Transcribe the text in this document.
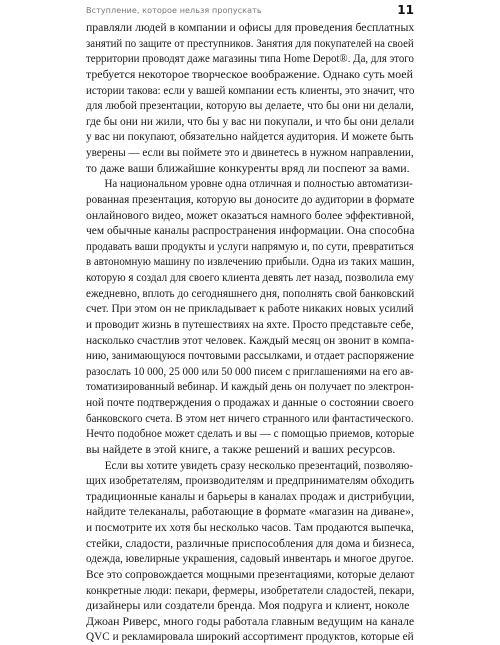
Вступление, которое нельзя пропускать	11
правляли людей в компании и офисы для проведения бесплатных
занятий по защите от преступников. Занятия для покупателей на своей
территории проводят даже магазины типа Home Depot®. Да, для этого
требуется некоторое творческое воображение. Однако суть моей
истории такова: если у вашей компании есть клиенты, это значит, что
для любой презентации, которую вы делаете, что бы они ни делали,
где бы они ни жили, что бы у вас ни покупали, и что бы они делали
у вас ни покупают, обязательно найдется аудитория. И можете быть
уверены — если вы поймете это и двинетесь в нужном направлении,
то даже ваши ближайшие конкуренты вряд ли поспеют за вами.
На национальном уровне одна отличная и полностью автоматизи-
рованная презентация, которую вы доносите до аудитории в формате
онлайнового видео, может оказаться намного более эффективной,
чем обычные каналы распространения информации. Она способна
продавать ваши продукты и услуги напрямую и, по сути, превратиться
в автономную машину по извлечению прибыли. Одна из таких машин,
которую я создал для своего клиента девять лет назад, позволила ему
ежедневно, вплоть до сегодняшнего дня, пополнять свой банковский
счет. При этом он не прикладывает к работе никаких новых усилий
и проводит жизнь в путешествиях на яхте. Просто представьте себе,
насколько счастлив этот человек. Каждый месяц он звонит в компа-
нию, занимающуюся почтовыми рассылками, и отдает распоряжение
разослать 10 000, 25 000 или 50 000 писем с приглашениями на его ав-
томатизированный вебинар. И каждый день он получает по электрон-
ной почте подтверждения о продажах и данные о состоянии своего
банковского счета. В этом нет ничего странного или фантастического.
Нечто подобное может сделать и вы — с помощью приемов, которые
вы найдете в этой книге, а также решений и ваших ресурсов.
Если вы хотите увидеть сразу несколько презентаций, позволяю-
щих изобретателям, производителям и предпринимателям обходить
традиционные каналы и барьеры в каналах продаж и дистрибуции,
найдите телеканалы, работающие в формате «магазин на диване»,
и посмотрите их хотя бы несколько часов. Там продаются выпечка,
стейки, сладости, различные приспособления для дома и бизнеса,
одежда, ювелирные украшения, садовый инвентарь и многое другое.
Все это сопровождается мощными презентациями, которые делают
конкретные люди: пекари, фермеры, изобретатели сладостей, пекари,
дизайнеры или создатели бренда. Моя подруга и клиент, ноколе
Джоан Риверс, много годы работала главным ведущим на канале
QVC и рекламировала широкий ассортимент продуктов, которые ей
